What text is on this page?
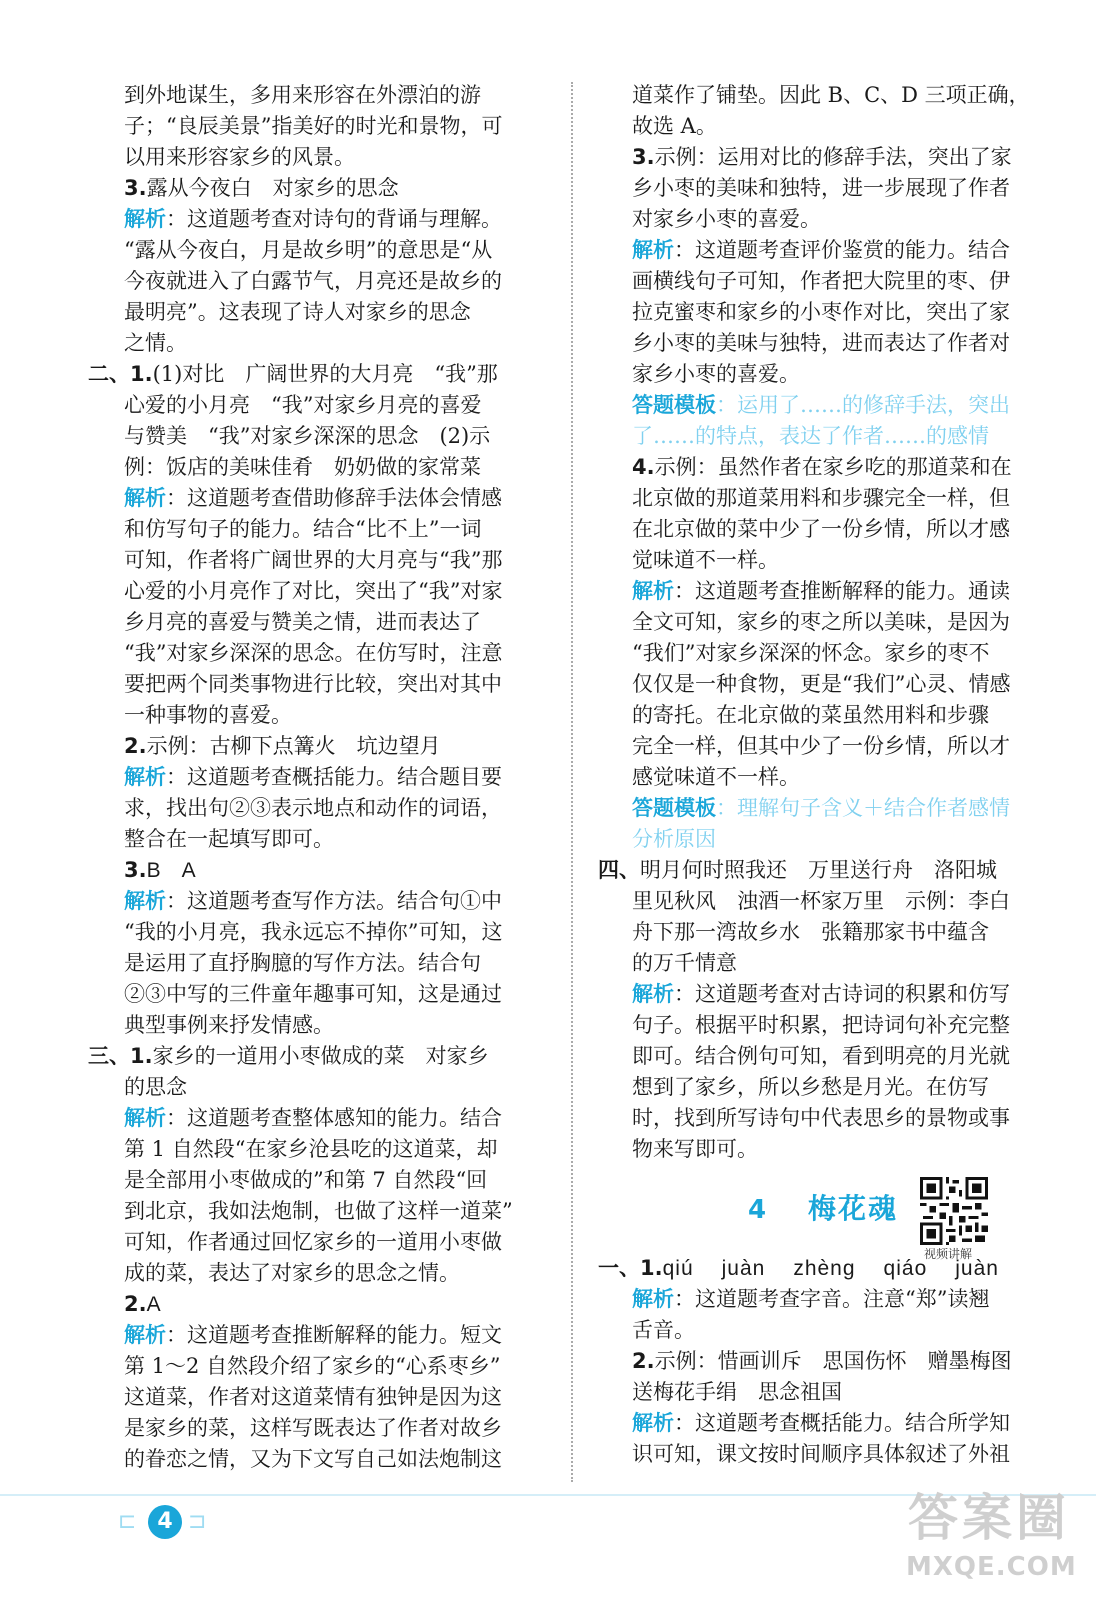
到外地谋生，多用来形容在外漂泊的游

子；“良辰美景”指美好的时光和景物，可

以用来形容家乡的风景。

3.露从今夜白　对家乡的思念

解析：这道题考查对诗句的背诵与理解。

“露从今夜白，月是故乡明”的意思是“从

今夜就进入了白露节气，月亮还是故乡的

最明亮”。这表现了诗人对家乡的思念

之情。

二、1.(1)对比　广阔世界的大月亮　“我”那

心爱的小月亮　“我”对家乡月亮的喜爱

与赞美　“我”对家乡深深的思念　(2)示

例：饭店的美味佳肴　奶奶做的家常菜

解析：这道题考查借助修辞手法体会情感

和仿写句子的能力。结合“比不上”一词

可知，作者将广阔世界的大月亮与“我”那

心爱的小月亮作了对比，突出了“我”对家

乡月亮的喜爱与赞美之情，进而表达了

“我”对家乡深深的思念。在仿写时，注意

要把两个同类事物进行比较，突出对其中

一种事物的喜爱。

2.示例：古柳下点篝火　坑边望月

解析：这道题考查概括能力。结合题目要

求，找出句②③表示地点和动作的词语，

整合在一起填写即可。

3.B　A

解析：这道题考查写作方法。结合句①中

“我的小月亮，我永远忘不掉你”可知，这

是运用了直抒胸臆的写作方法。结合句

②③中写的三件童年趣事可知，这是通过

典型事例来抒发情感。

三、1.家乡的一道用小枣做成的菜　对家乡

的思念

解析：这道题考查整体感知的能力。结合

第 1 自然段“在家乡沧县吃的这道菜，却

是全部用小枣做成的”和第 7 自然段“回

到北京，我如法炮制，也做了这样一道菜”

可知，作者通过回忆家乡的一道用小枣做

成的菜，表达了对家乡的思念之情。

2.A

解析：这道题考查推断解释的能力。短文

第 1～2 自然段介绍了家乡的“心系枣乡”

这道菜，作者对这道菜情有独钟是因为这

是家乡的菜，这样写既表达了作者对故乡

的眷恋之情，又为下文写自己如法炮制这

道菜作了铺垫。因此 B、C、D 三项正确，

故选 A。

3.示例：运用对比的修辞手法，突出了家

乡小枣的美味和独特，进一步展现了作者

对家乡小枣的喜爱。

解析：这道题考查评价鉴赏的能力。结合

画横线句子可知，作者把大院里的枣、伊

拉克蜜枣和家乡的小枣作对比，突出了家

乡小枣的美味与独特，进而表达了作者对

家乡小枣的喜爱。

答题模板：运用了……的修辞手法，突出

了……的特点，表达了作者……的感情

4.示例：虽然作者在家乡吃的那道菜和在

北京做的那道菜用料和步骤完全一样，但

在北京做的菜中少了一份乡情，所以才感

觉味道不一样。

解析：这道题考查推断解释的能力。通读

全文可知，家乡的枣之所以美味，是因为

“我们”对家乡深深的怀念。家乡的枣不

仅仅是一种食物，更是“我们”心灵、情感

的寄托。在北京做的菜虽然用料和步骤

完全一样，但其中少了一份乡情，所以才

感觉味道不一样。

答题模板：理解句子含义＋结合作者感情

分析原因

四、明月何时照我还　万里送行舟　洛阳城

里见秋风　浊酒一杯家万里　示例：李白

舟下那一湾故乡水　张籍那家书中蕴含

的万千情意

解析：这道题考查对古诗词的积累和仿写

句子。根据平时积累，把诗词句补充完整

即可。结合例句可知，看到明亮的月光就

想到了家乡，所以乡愁是月光。在仿写

时，找到所写诗句中代表思乡的景物或事

物来写即可。

4 梅花魂
视频讲解

一、1.qiú juàn zhèng qiáo juàn

解析：这道题考查字音。注意“郑”读翘

舌音。

2.示例：惜画训斥　思国伤怀　赠墨梅图

送梅花手绢　思念祖国

解析：这道题考查概括能力。结合所学知

识可知，课文按时间顺序具体叙述了外祖

⊏ 4 ⊐	答案圈
MXQE.COM
